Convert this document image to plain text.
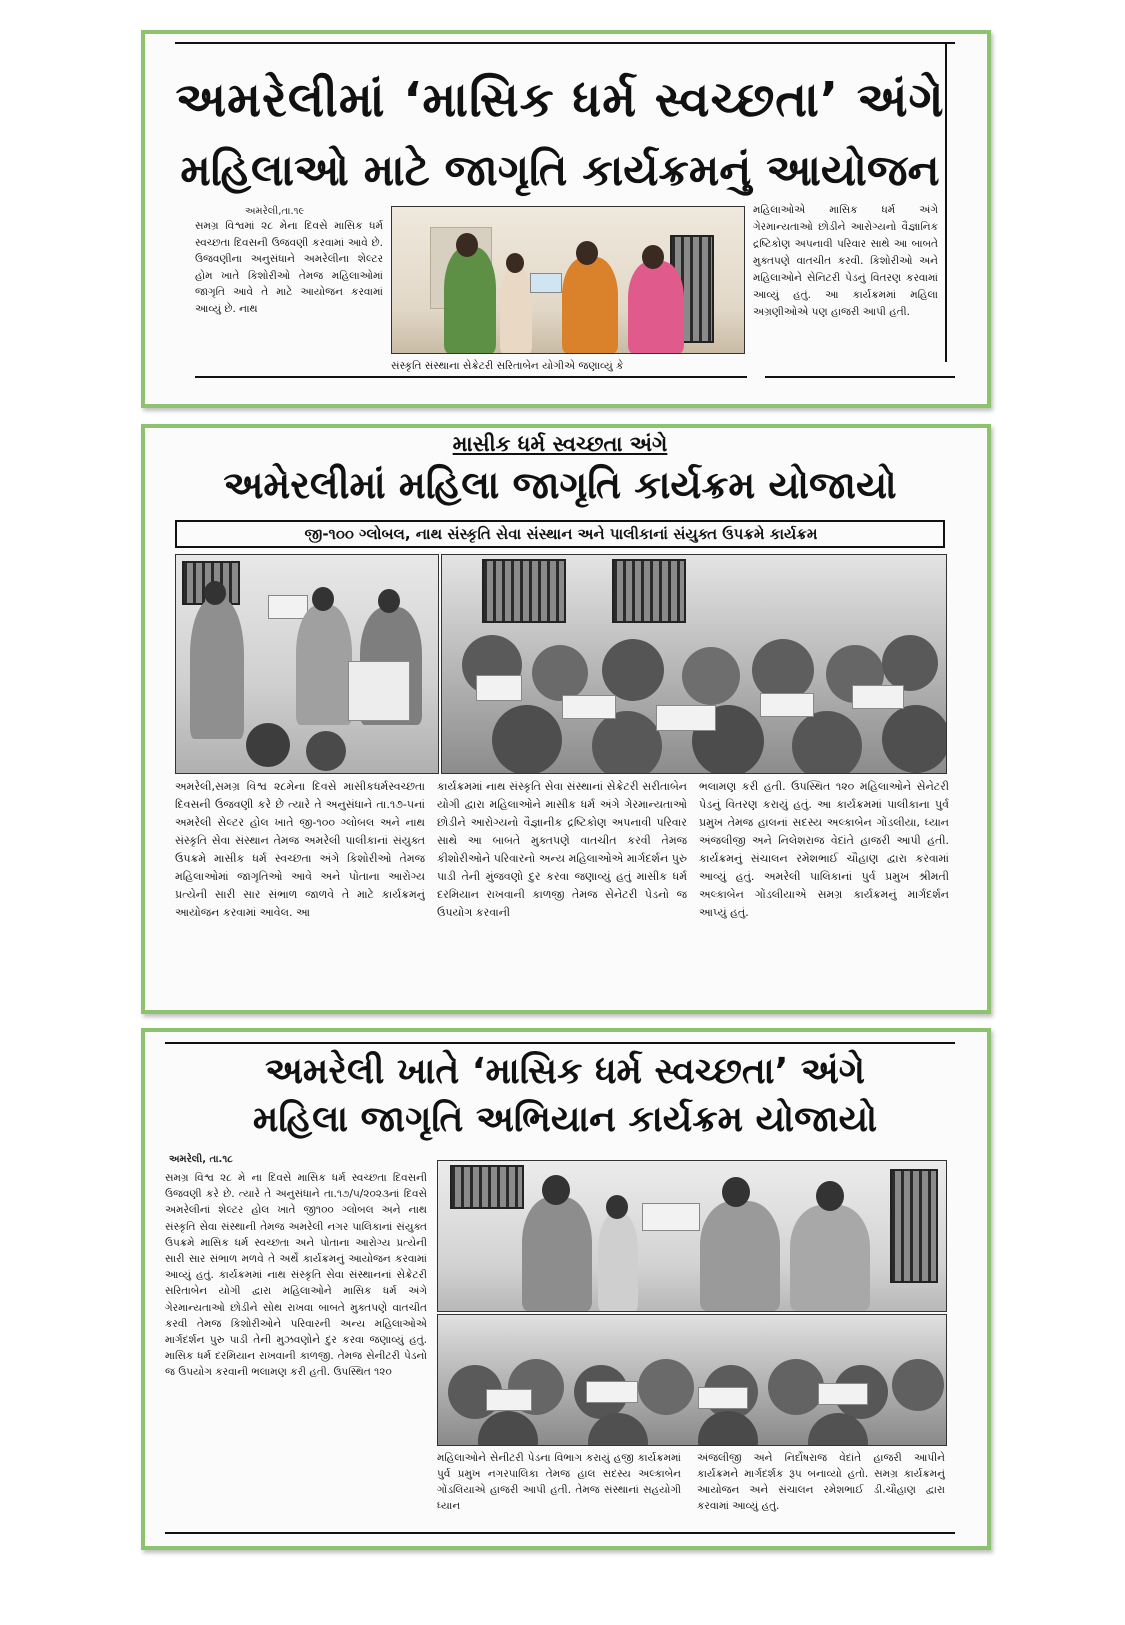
અમરેલીમાં ‘માસિક ધર્મ સ્વચ્છતા’ અંગે
મહિલાઓ માટે જાગૃતિ કાર્યક્રમનું આયોજન
અમરેલી,તા.૧૯
સમગ્ર વિશ્વમાં ૨૮ મેના દિવસે માસિક ધર્મ સ્વચ્છતા દિવસની ઉજવણી કરવામાં આવે છે. ઉજવણીના અનુસંધાને અમરેલીના શેલ્ટર હોમ ખાતે કિશોરીઓ તેમજ મહિલાઓમાં જાગૃતિ આવે તે માટે આયોજન કરવામાં આવ્યું છે. નાથ
સંસ્કૃતિ સંસ્થાના સેક્રેટરી સરિતાબેન યોગીએ જણાવ્યું કે
મહિલાઓએ માસિક ધર્મ અંગે ગેરમાન્યતાઓ છોડીને આરોગ્યનો વૈજ્ઞાનિક દ્રષ્ટિકોણ અપનાવી પરિવાર સાથે આ બાબતે મુક્તપણે વાતચીત કરવી. કિશોરીઓ અને મહિલાઓને સેનિટરી પેડનું વિતરણ કરવામાં આવ્યું હતું. આ કાર્યક્રમમાં મહિલા અગ્રણીઓએ પણ હાજરી આપી હતી.
માસીક ધર્મ સ્વચ્છતા અંગે
અમેરલીમાં મહિલા જાગૃતિ કાર્યક્રમ યોજાયો
જી-૧૦૦ ગ્લોબલ, નાથ સંસ્કૃતિ સેવા સંસ્થાન અને પાલીકાનાં સંયુક્ત ઉપક્રમે કાર્યક્રમ
અમરેલી,સમગ્ર વિશ્વ ૨૮મેના દિવસે માસીકધર્મસ્વચ્છતા દિવસની ઉજવણી કરે છે ત્યારે તે અનુસંધાને તા.૧૭-૫નાં અમરેલી સેલ્ટર હોલ ખાતે જી-૧૦૦ ગ્લોબલ અને નાથ સંસ્કૃતિ સેવા સંસ્થાન તેમજ અમરેલી પાલીકાનાં સંયુક્ત ઉપક્રમે માસીક ધર્મ સ્વચ્છતા અંગે કિશોરીઓ તેમજ મહિલાઓમાં જાગૃતિઓ આવે અને પોતાના આરોગ્ય પ્રત્યેની સારી સાર સંભાળ જાળવે તે માટે કાર્યક્રમનું આયોજન કરવામાં આવેલ. આ
કાર્યક્રમમાં નાથ સંસ્કૃતિ સેવા સંસ્થાનાં સેક્રેટરી સરીતાબેન યોગી દ્વારા મહિલાઓને માસીક ધર્મ અંગે ગેરમાન્યતાઓ છોડીને આરોગ્યનો વૈજ્ઞાનીક દ્રષ્ટિકોણ અપનાવી પરિવાર સાથે આ બાબતે મુક્તપણે વાતચીત કરવી તેમજ કીશોરીઓને પરિવારનો અન્ય મહિલાઓએ માર્ગદર્શન પુરુ પાડી તેની મુંજવણો દુર કરવા જણાવ્યું હતું માસીક ધર્મ દરમિયાન રાખવાની કાળજી તેમજ સેનેટરી પેડનો જ ઉપયોગ કરવાની
ભલામણ કરી હતી. ઉપસ્થિત ૧૨૦ મહિલાઓને સેનેટરી પેડનું વિતરણ કરાયું હતું. આ કાર્યક્રમમાં પાલીકાના પુર્વ પ્રમુખ તેમજ હાલનાં સદસ્ય અલ્કાબેન ગોંડલીયા, ધ્યાન અંજલીજી અને નિલેશરાજ વેદાંતે હાજરી આપી હતી. કાર્યક્રમનું સંચાલન રમેશભાઈ ચૌહાણ દ્વારા કરવામાં આવ્યું હતું. અમરેલી પાલિકાનાં પુર્વ પ્રમુખ શ્રીમતી અલ્કાબેન ગોંડલીયાએ સમગ્ર કાર્યક્રમનું માર્ગદર્શન આપ્યું હતું.
અમરેલી ખાતે ‘માસિક ધર્મ સ્વચ્છતા’ અંગે
મહિલા જાગૃતિ અભિયાન કાર્યક્રમ યોજાયો
અમરેલી, તા.૧૮
સમગ્ર વિશ્વ ૨૮ મે ના દિવસે માસિક ધર્મ સ્વચ્છતા દિવસની ઉજવણી કરે છે. ત્યારે તે અનુસંધાને તા.૧૭/૫/૨૦૨૩નાં દિવસે અમરેલીનાં શેલ્ટર હોલ ખાતે જી૧૦૦ ગ્લોબલ અને નાથ સંસ્કૃતિ સેવા સંસ્થાની તેમજ અમરેલી નગર પાલિકાનાં સંયુક્ત ઉપક્રમે માસિક ધર્મ સ્વચ્છતા અને પોતાના આરોગ્ય પ્રત્યેની સારી સાર સંભાળ મળવે તે અર્થે કાર્યક્રમનું આયોજન કરવામાં આવ્યું હતું. કાર્યક્રમમાં નાથ સંસ્કૃતિ સેવા સંસ્થાનનાં સેક્રેટરી સરિતાબેન યોગી દ્વારા મહિલાઓને માસિક ધર્મ અંગે ગેરમાન્યતાઓ છોડીને સોથ રાખવા બાબતે મુક્તપણે વાતચીત કરવી તેમજ કિશોરીઓને પરિવારની અન્ય મહિલાઓએ માર્ગદર્શન પુરુ પાડી તેની મુઝવણોને દુર કરવા જણાવ્યું હતું. માસિક ધર્મ દરમિયાન રાખવાની કાળજી. તેમજ સેનીટરી પેડનો જ ઉપયોગ કરવાની ભલામણ કરી હતી. ઉપસ્થિત ૧૨૦
મહિલાઓને સેનીટરી પેડના વિભાગ કરાયું હજી કાર્યક્રમમાં પુર્વ પ્રમુખ નગરપાલિકા તેમજ હાલ સદસ્ય અલ્કાબેન ગોંડલિયાએ હાજરી આપી હતી. તેમજ સંસ્થાનાં સહયોગી ધ્યાન
અંજલીજી અને નિર્દોષરાજ વેદાંતે હાજરી આપીને કાર્યક્રમને માર્ગદર્શક રૂપ બનાવ્યો હતો. સમગ્ર કાર્યક્રમનું આયોજન અને સંચાલન રમેશભાઈ ડી.ચૌહાણ દ્વારા કરવામાં આવ્યું હતું.
